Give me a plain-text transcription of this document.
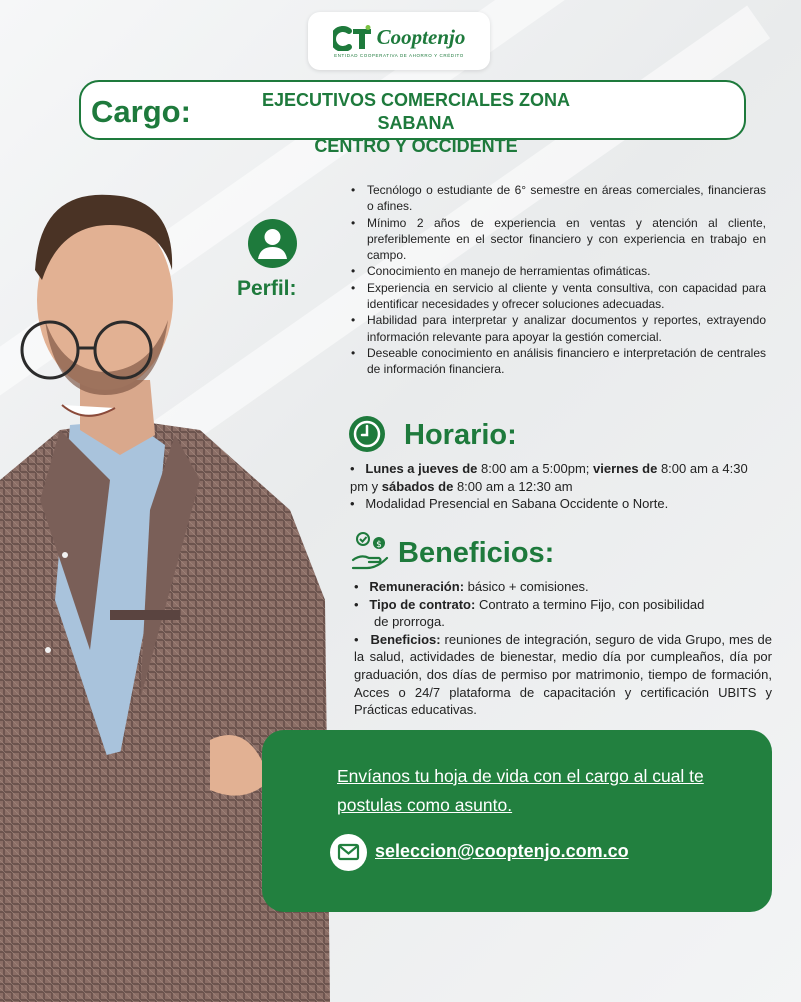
Cooptenjo
ENTIDAD COOPERATIVA DE AHORRO Y CRÉDITO
Cargo:	EJECUTIVOS COMERCIALES ZONA SABANA
CENTRO Y OCCIDENTE
Perfil:
• Tecnólogo o estudiante de 6° semestre en áreas comerciales, financieras o afines.
• Mínimo 2 años de experiencia en ventas y atención al cliente, preferiblemente en el sector financiero y con experiencia en trabajo en campo.
• Conocimiento en manejo de herramientas ofimáticas.
• Experiencia en servicio al cliente y venta consultiva, con capacidad para identificar necesidades y ofrecer soluciones adecuadas.
• Habilidad para interpretar y analizar documentos y reportes, extrayendo información relevante para apoyar la gestión comercial.
• Deseable conocimiento en análisis financiero e interpretación de centrales de información financiera.
Horario:
•   Lunes a jueves de 8:00 am a 5:00pm; viernes de 8:00 am a 4:30 pm y sábados de 8:00 am a 12:30 am
•   Modalidad Presencial en Sabana Occidente o Norte.
$ Beneficios:
•   Remuneración: básico + comisiones.
•   Tipo de contrato: Contrato a termino Fijo, con posibilidad
de prorroga.
•   Beneficios: reuniones de integración, seguro de vida Grupo, mes de la salud, actividades de bienestar, medio día por cumpleaños, día por graduación, dos días de permiso por matrimonio, tiempo de formación, Acces o 24/7 plataforma de capacitación y certificación UBITS y Prácticas educativas.
Envíanos tu hoja de vida con el cargo al cual te postulas como asunto.
seleccion@cooptenjo.com.co
